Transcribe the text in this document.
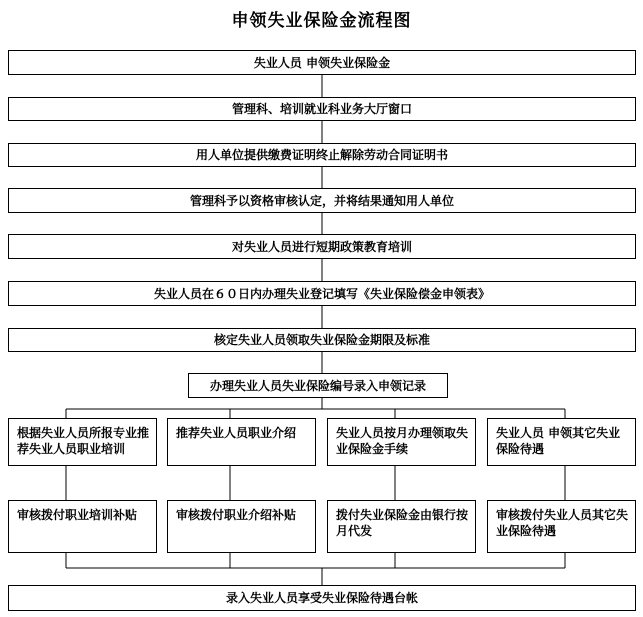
申领失业保险金流程图
失业人员 申领失业保险金
管理科、培训就业科业务大厅窗口
用人单位提供缴费证明终止解除劳动合同证明书
管理科予以资格审核认定，并将结果通知用人单位
对失业人员进行短期政策教育培训
失业人员在６０日内办理失业登记填写《失业保险偿金申领表》
核定失业人员领取失业保险金期限及标准
办理失业人员失业保险编号录入申领记录
根据失业人员所报专业推荐失业人员职业培训
推荐失业人员职业介绍	失业人员按月办理领取失业保险金手续
失业人员 申领其它失业保险待遇
审核拨付职业培训补贴	审核拨付职业介绍补贴	拨付失业保险金由银行按月代发
审核拨付失业人员其它失业保险待遇
录入失业人员享受失业保险待遇台帐
